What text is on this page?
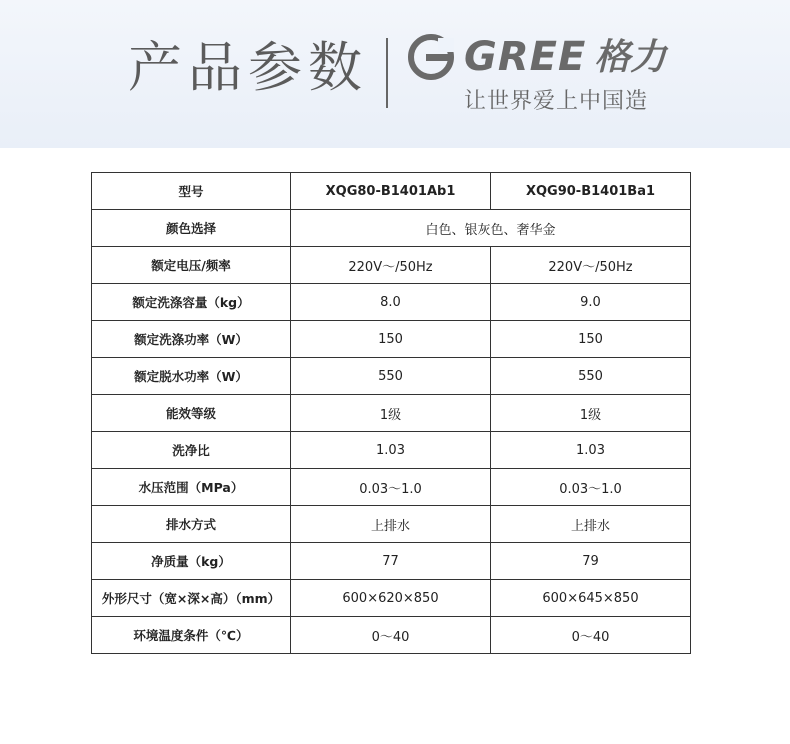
产品参数 GREE 格力
让世界爱上中国造
型号	XQG80-B1401Ab1	XQG90-B1401Ba1
颜色选择	白色、银灰色、奢华金	
额定电压/频率	220V～/50Hz	220V～/50Hz
额定洗涤容量（kg）	8.0	9.0
额定洗涤功率（W）	150	150
额定脱水功率（W）	550	550
能效等级	1级	1级
洗净比	1.03	1.03
水压范围（MPa）	0.03～1.0	0.03～1.0
排水方式	上排水	上排水
净质量（kg）	77	79
外形尺寸（宽×深×高）（mm）	600×620×850	600×645×850
环境温度条件（℃）	0～40	0～40
